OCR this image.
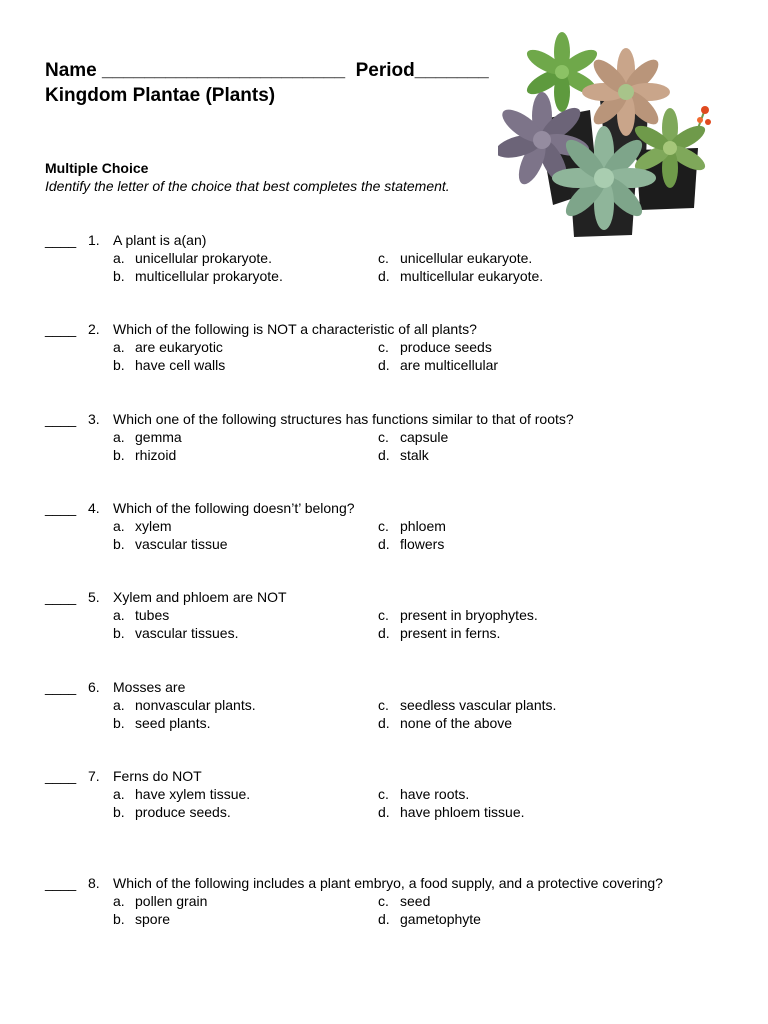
Name _______________________  Period_______
Kingdom Plantae (Plants)
Multiple Choice
Identify the letter of the choice that best completes the statement.
____ 1. A plant is a(an)
a. unicellular prokaryote.
b. multicellular prokaryote.
c. unicellular eukaryote.
d. multicellular eukaryote.
____ 2. Which of the following is NOT a characteristic of all plants?
a. are eukaryotic
b. have cell walls
c. produce seeds
d. are multicellular
____ 3. Which one of the following structures has functions similar to that of roots?
a. gemma
b. rhizoid
c. capsule
d. stalk
____ 4. Which of the following doesn’t’ belong?
a. xylem
b. vascular tissue
c. phloem
d. flowers
____ 5. Xylem and phloem are NOT
a. tubes
b. vascular tissues.
c. present in bryophytes.
d. present in ferns.
____ 6. Mosses are
a. nonvascular plants.
b. seed plants.
c. seedless vascular plants.
d. none of the above
____ 7. Ferns do NOT
a. have xylem tissue.
b. produce seeds.
c. have roots.
d. have phloem tissue.
____ 8. Which of the following includes a plant embryo, a food supply, and a protective covering?
a. pollen grain
b. spore
c. seed
d. gametophyte
